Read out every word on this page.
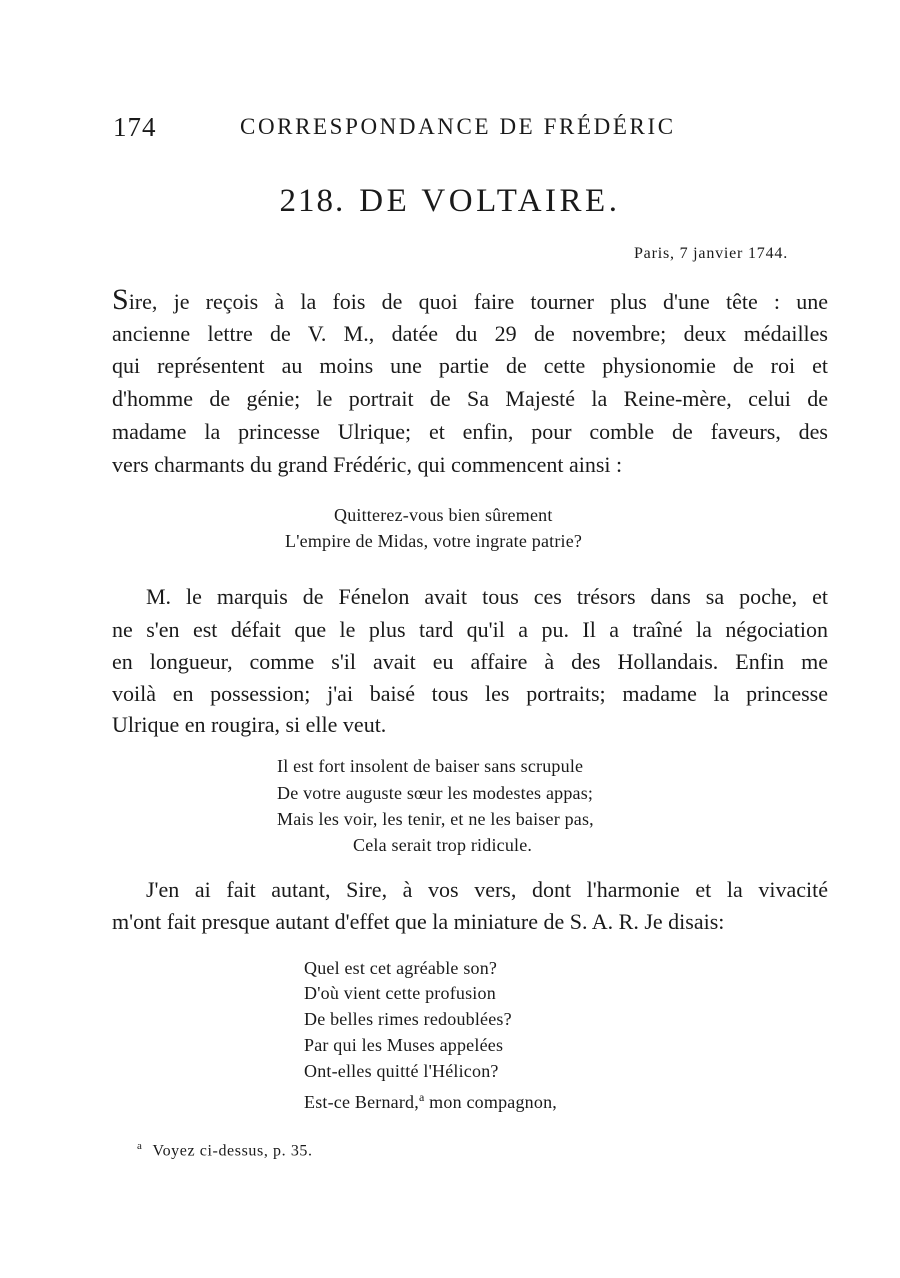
174	CORRESPONDANCE DE FRÉDÉRIC
218. DE VOLTAIRE.
Paris, 7 janvier 1744.
Sire, je reçois à la fois de quoi faire tourner plus d'une tête : une
ancienne lettre de V. M., datée du 29 de novembre; deux médailles
qui représentent au moins une partie de cette physionomie de roi et
d'homme de génie; le portrait de Sa Majesté la Reine-mère, celui de
madame la princesse Ulrique; et enfin, pour comble de faveurs, des
vers charmants du grand Frédéric, qui commencent ainsi :
Quitterez-vous bien sûrement
L'empire de Midas, votre ingrate patrie?
M. le marquis de Fénelon avait tous ces trésors dans sa poche, et
ne s'en est défait que le plus tard qu'il a pu. Il a traîné la négociation
en longueur, comme s'il avait eu affaire à des Hollandais. Enfin me
voilà en possession; j'ai baisé tous les portraits; madame la princesse
Ulrique en rougira, si elle veut.
Il est fort insolent de baiser sans scrupule
De votre auguste sœur les modestes appas;
Mais les voir, les tenir, et ne les baiser pas,
Cela serait trop ridicule.
J'en ai fait autant, Sire, à vos vers, dont l'harmonie et la vivacité
m'ont fait presque autant d'effet que la miniature de S. A. R. Je disais:
Quel est cet agréable son?
D'où vient cette profusion
De belles rimes redoublées?
Par qui les Muses appelées
Ont-elles quitté l'Hélicon?
Est-ce Bernard,$^a$ mon compagnon,
$^a$ Voyez ci-dessus, p. 35.
